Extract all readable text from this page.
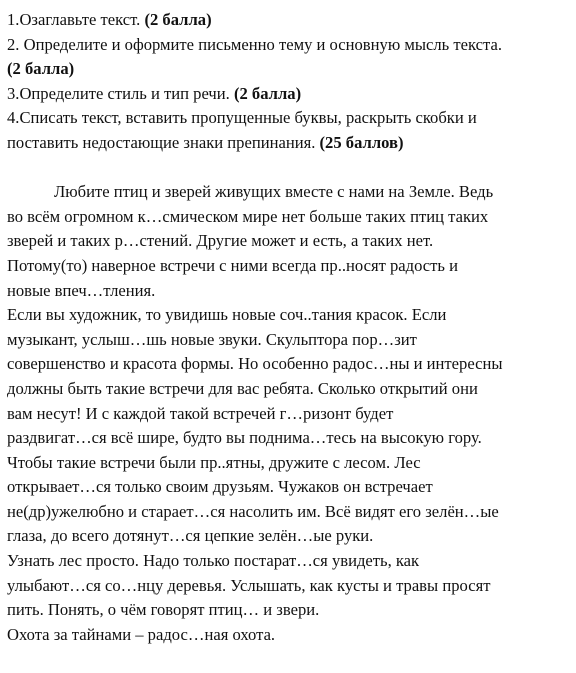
1.Озаглавьте текст. (2 балла)
2. Определите и оформите письменно тему и основную мысль текста.
(2 балла)
3.Определите стиль и тип речи. (2 балла)
4.Списать текст, вставить пропущенные буквы, раскрыть скобки и
поставить недостающие знаки препинания. (25 баллов)
Любите птиц и зверей живущих вместе с нами на Земле. Ведь
во всём огромном к…смическом мире нет больше таких птиц таких
зверей и таких р…стений. Другие может и есть, а таких нет.
Потому(то) наверное встречи с ними всегда пр..носят радость и
новые впеч…тления.
Если вы художник, то увидишь новые соч..тания красок. Если
музыкант, услыш…шь новые звуки. Скульптора пор…зит
совершенство и красота формы. Но особенно радос…ны и интересны
должны быть такие встречи для вас ребята. Сколько открытий они
вам несут! И с каждой такой встречей г…ризонт будет
раздвигат…ся всё шире, будто вы поднима…тесь на высокую гору.
Чтобы такие встречи были пр..ятны, дружите с лесом. Лес
открывает…ся только своим друзьям. Чужаков он встречает
не(др)ужелюбно и старает…ся насолить им. Всё видят его зелён…ые
глаза, до всего дотянут…ся цепкие зелён…ые руки.
Узнать лес просто. Надо только постарат…ся увидеть, как
улыбают…ся со…нцу деревья. Услышать, как кусты и травы просят
пить. Понять, о чём говорят птиц… и звери.
Охота за тайнами – радос…ная охота.
